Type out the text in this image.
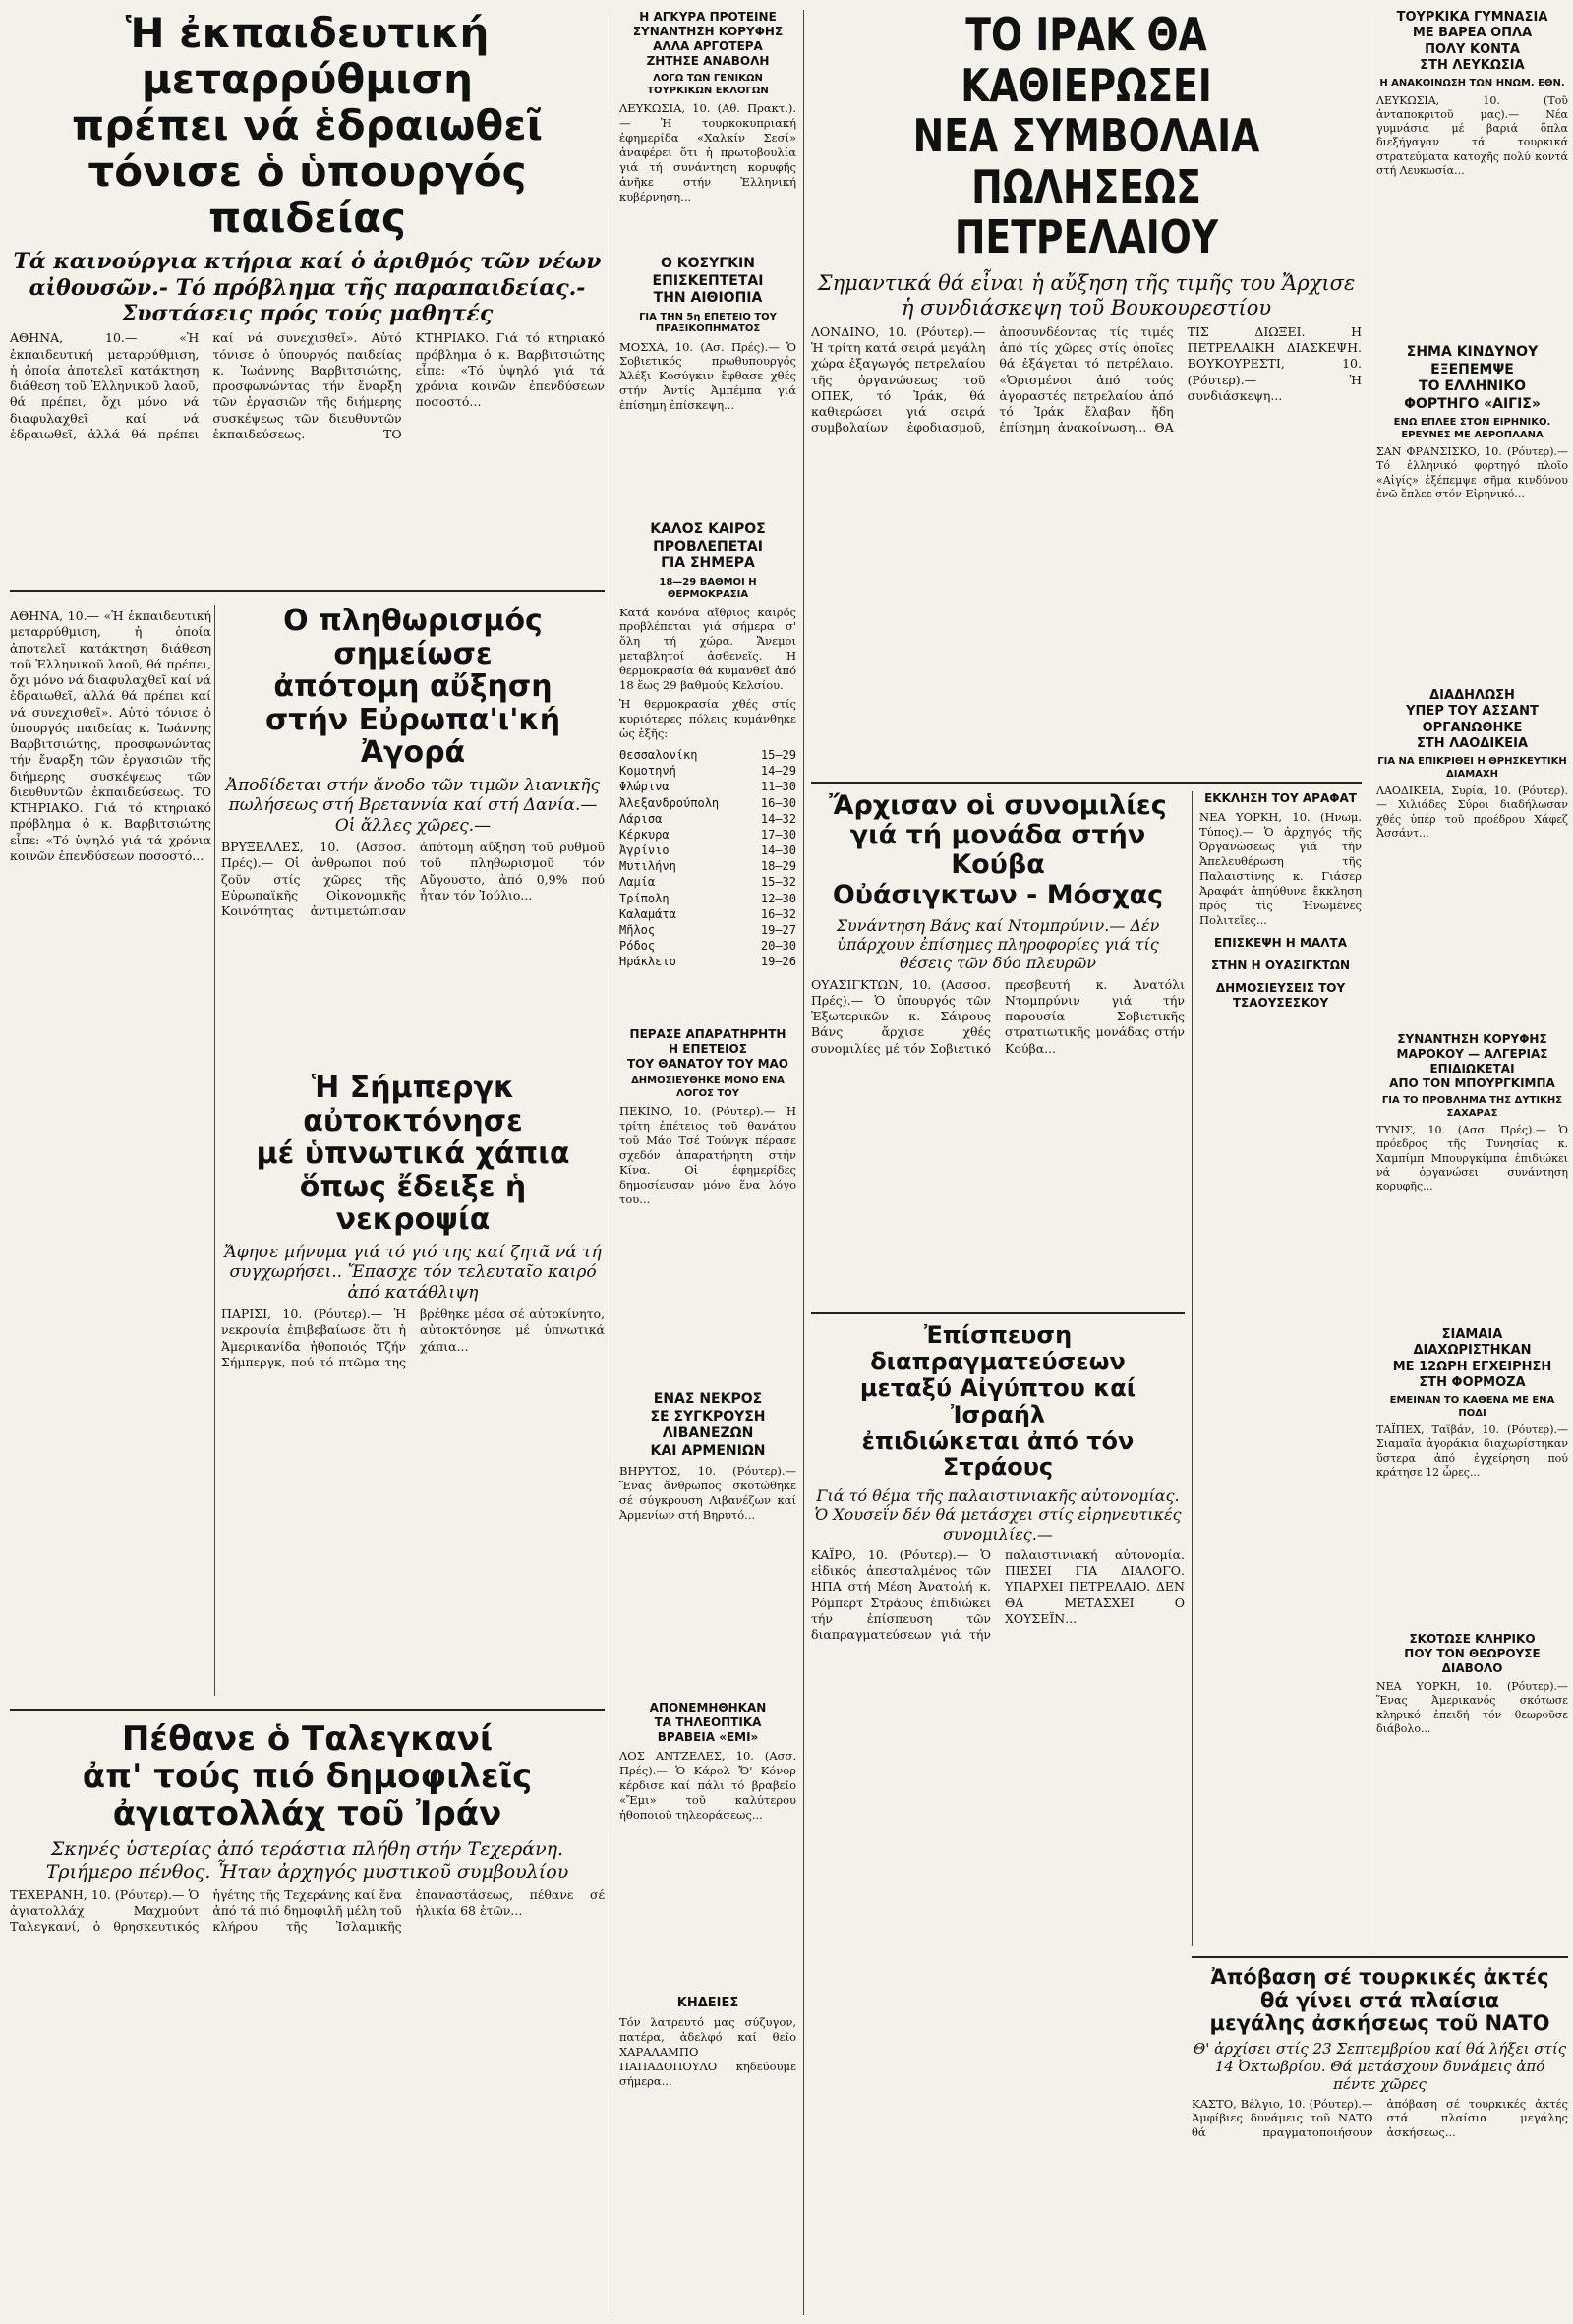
Ἡ ἐκπαιδευτική μεταρρύθμιση
πρέπει νά ἑδραιωθεῖ
τόνισε ὁ ὑπουργός παιδείας

Τά καινούργια κτήρια καί ὁ ἀριθμός τῶν νέων αἰθουσῶν.- Τό πρόβλημα τῆς παραπαιδείας.-Συστάσεις πρός τούς μαθητές

ΑΘΗΝΑ, 10.— «Ἡ ἐκπαιδευτική μεταρρύθμιση, ἡ ὁποία ἀποτελεῖ κατάκτηση διάθεση τοῦ Ἑλληνικοῦ λαοῦ, θά πρέπει, ὄχι μόνο νά διαφυλαχθεῖ καί νά ἑδραιωθεῖ, ἀλλά θά πρέπει καί νά συνεχισθεῖ». Αὐτό τόνισε ὁ ὑπουργός παιδείας κ. Ἰωάννης Βαρβιτσιώτης, προσφωνώντας τήν ἔναρξη τῶν ἐργασιῶν τῆς διήμερης συσκέψεως τῶν διευθυντῶν ἐκπαιδεύσεως. ΤΟ ΚΤΗΡΙΑΚΟ. Γιά τό κτηριακό πρόβλημα ὁ κ. Βαρβιτσιώτης εἶπε: «Τό ὑψηλό γιά τά χρόνια κοινῶν ἐπενδύσεων ποσοστό...

Ο πληθωρισμός σημείωσε
ἀπότομη αὔξηση
στήν Εὐρωπα'ι'κή Ἀγορά

Ἀποδίδεται στήν ἄνοδο τῶν τιμῶν λιανικῆς πωλήσεως στή Βρεταννία καί στή Δανία.— Οἱ ἄλλες χῶρες.—

ΒΡΥΞΕΛΛΕΣ, 10. (Ασσοσ. Πρές).— Οἱ ἀνθρωποι πού ζοῦν στίς χῶρες τῆς Εὐρωπαϊκῆς Οἰκονομικῆς Κοινότητας ἀντιμετώπισαν ἀπότομη αὔξηση τοῦ ρυθμοῦ τοῦ πληθωρισμοῦ τόν Αὔγουστο, ἀπό 0,9% πού ἦταν τόν Ἰούλιο...

ΑΘΗΝΑ, 10.— «Ἡ ἐκπαιδευτική μεταρρύθμιση, ἡ ὁποία ἀποτελεῖ κατάκτηση διάθεση τοῦ Ἑλληνικοῦ λαοῦ, θά πρέπει, ὄχι μόνο νά διαφυλαχθεῖ καί νά ἑδραιωθεῖ, ἀλλά θά πρέπει καί νά συνεχισθεῖ». Αὐτό τόνισε ὁ ὑπουργός παιδείας κ. Ἰωάννης Βαρβιτσιώτης, προσφωνώντας τήν ἔναρξη τῶν ἐργασιῶν τῆς διήμερης συσκέψεως τῶν διευθυντῶν ἐκπαιδεύσεως. ΤΟ ΚΤΗΡΙΑΚΟ. Γιά τό κτηριακό πρόβλημα ὁ κ. Βαρβιτσιώτης εἶπε: «Τό ὑψηλό γιά τά χρόνια κοινῶν ἐπενδύσεων ποσοστό...

Ἡ Σήμπεργκ αὐτοκτόνησε
μέ ὑπνωτικά χάπια
ὅπως ἔδειξε ἡ νεκροψία

Ἄφησε μήνυμα γιά τό γιό της καί ζητᾶ νά τή συγχωρήσει.. Ἔπασχε τόν τελευταῖο καιρό ἀπό κατάθλιψη

ΠΑΡΙΣΙ, 10. (Ρόυτερ).— Ἡ νεκροψία ἐπιβεβαίωσε ὅτι ἡ Ἀμερικανίδα ἠθοποιός Τζήν Σήμπεργκ, πού τό πτῶμα της βρέθηκε μέσα σέ αὐτοκίνητο, αὐτοκτόνησε μέ ὑπνωτικά χάπια...

Πέθανε ὁ Ταλεγκανί
ἀπ' τούς πιό δημοφιλεῖς
ἀγιατολλάχ τοῦ Ἰράν

Σκηνές ὑστερίας ἀπό τεράστια πλήθη στήν Τεχεράνη. Τριήμερο πένθος. Ἦταν ἀρχηγός μυστικοῦ συμβουλίου

ΤΕΧΕΡΑΝΗ, 10. (Ρόυτερ).— Ὁ ἀγιατολλάχ Μαχμούντ Ταλεγκανί, ὁ θρησκευτικός ἡγέτης τῆς Τεχεράνης καί ἕνα ἀπό τά πιό δημοφιλῆ μέλη τοῦ κλήρου τῆς Ἰσλαμικῆς ἐπαναστάσεως, πέθανε σέ ἡλικία 68 ἐτῶν...

Η ΑΓΚΥΡΑ ΠΡΟΤΕΙΝΕ

ΣΥΝΑΝΤΗΣΗ ΚΟΡΥΦΗΣ

ΑΛΛΑ ΑΡΓΟΤΕΡΑ

ΖΗΤΗΣΕ ΑΝΑΒΟΛΗ

ΛΟΓΩ ΤΩΝ ΓΕΝΙΚΩΝ ΤΟΥΡΚΙΚΩΝ ΕΚΛΟΓΩΝ

ΛΕΥΚΩΣΙΑ, 10. (Αθ. Πρακτ.).— Ἡ τουρκοκυπριακή ἐφημερίδα «Χαλκίν Σεσί» ἀναφέρει ὅτι ἡ πρωτοβουλία γιά τή συνάντηση κορυφῆς ἀνῆκε στήν Ἑλληνική κυβέρνηση...

Ο ΚΟΣΥΓΚΙΝ

ΕΠΙΣΚΕΠΤΕΤΑΙ

ΤΗΝ ΑΙΘΙΟΠΙΑ

ΓΙΑ ΤΗΝ 5η ΕΠΕΤΕΙΟ ΤΟΥ ΠΡΑΞΙΚΟΠΗΜΑΤΟΣ

ΜΟΣΧΑ, 10. (Ασ. Πρές).— Ὁ Σοβιετικός πρωθυπουργός Ἀλέξι Κοσύγκιν ἔφθασε χθές στήν Ἀντίς Ἀμπέμπα γιά ἐπίσημη ἐπίσκεψη...

ΚΑΛΟΣ ΚΑΙΡΟΣ

ΠΡΟΒΛΕΠΕΤΑΙ

ΓΙΑ ΣΗΜΕΡΑ

18—29 ΒΑΘΜΟΙ Η ΘΕΡΜΟΚΡΑΣΙΑ

Κατά κανόνα αἴθριος καιρός προβλέπεται γιά σήμερα σ' ὅλη τή χώρα. Ἄνεμοι μεταβλητοί ἀσθενεῖς. Ἡ θερμοκρασία θά κυμανθεῖ ἀπό 18 ἕως 29 βαθμούς Κελσίου.

Ἡ θερμοκρασία χθές στίς κυριότερες πόλεις κυμάνθηκε ὡς ἑξῆς:

Θεσσαλονίκη	15—29
Κομοτηνή	14—29
Φλώρινα	11—30
Ἀλεξανδρούπολη	16—30
Λάρισα	14—32
Κέρκυρα	17—30
Ἀγρίνιο	14—30
Μυτιλήνη	18—29
Λαμία	15—32
Τρίπολη	12—30
Καλαμάτα	16—32
Μῆλος	19—27
Ρόδος	20—30
Ἡράκλειο	19—26

ΠΕΡΑΣΕ ΑΠΑΡΑΤΗΡΗΤΗ

Η ΕΠΕΤΕΙΟΣ

ΤΟΥ ΘΑΝΑΤΟΥ ΤΟΥ ΜΑΟ

ΔΗΜΟΣΙΕΥΘΗΚΕ ΜΟΝΟ ΕΝΑ ΛΟΓΟΣ ΤΟΥ

ΠΕΚΙΝΟ, 10. (Ρόυτερ).— Ἡ τρίτη ἐπέτειος τοῦ θανάτου τοῦ Μάο Τσέ Τούνγκ πέρασε σχεδόν ἀπαρατήρητη στήν Κίνα. Οἱ ἐφημερίδες δημοσίευσαν μόνο ἕνα λόγο του...

ΕΝΑΣ ΝΕΚΡΟΣ

ΣΕ ΣΥΓΚΡΟΥΣΗ

ΛΙΒΑΝΕΖΩΝ

ΚΑΙ ΑΡΜΕΝΙΩΝ

ΒΗΡΥΤΟΣ, 10. (Ρόυτερ).— Ἕνας ἄνθρωπος σκοτώθηκε σέ σύγκρουση Λιβανέζων καί Ἀρμενίων στή Βηρυτό...

ΑΠΟΝΕΜΗΘΗΚΑΝ

ΤΑ ΤΗΛΕΟΠΤΙΚΑ

ΒΡΑΒΕΙΑ «ΕΜΙ»

ΛΟΣ ΑΝΤΖΕΛΕΣ, 10. (Ασσ. Πρές).— Ὁ Κάρολ Ὄ' Κόνορ κέρδισε καί πάλι τό βραβεῖο «Ἔμι» τοῦ καλύτερου ἠθοποιοῦ τηλεοράσεως...

ΚΗΔΕΙΕΣ

Τόν λατρευτό μας σύζυγον, πατέρα, ἀδελφό καί θεῖο ΧΑΡΑΛΑΜΠΟ ΠΑΠΑΔΟΠΟΥΛΟ κηδεύουμε σήμερα...

ΤΟ ΙΡΑΚ ΘΑ ΚΑΘΙΕΡΩΣΕΙ
ΝΕΑ ΣΥΜΒΟΛΑΙΑ
ΠΩΛΗΣΕΩΣ ΠΕΤΡΕΛΑΙΟΥ

Σημαντικά θά εἶναι ἡ αὔξηση τῆς τιμῆς του Ἄρχισε ἡ συνδιάσκεψη τοῦ Βουκουρεστίου

ΛΟΝΔΙΝΟ, 10. (Ρόυτερ).— Ἡ τρίτη κατά σειρά μεγάλη χώρα ἐξαγωγός πετρελαίου τῆς ὀργανώσεως τοῦ ΟΠΕΚ, τό Ἰράκ, θά καθιερώσει γιά σειρά συμβολαίων ἐφοδιασμοῦ, ἀποσυνδέοντας τίς τιμές ἀπό τίς χῶρες στίς ὁποῖες θά ἐξάγεται τό πετρέλαιο. «Ὁρισμένοι ἀπό τούς ἀγοραστές πετρελαίου ἀπό τό Ἰράκ ἔλαβαν ἤδη ἐπίσημη ἀνακοίνωση... ΘΑ ΤΙΣ ΔΙΩΞΕΙ. Η ΠΕΤΡΕΛΑΙΚΗ ΔΙΑΣΚΕΨΗ. ΒΟΥΚΟΥΡΕΣΤΙ, 10. (Ρόυτερ).— Ἡ συνδιάσκεψη...

Ἄρχισαν οἱ συνομιλίες
γιά τή μονάδα στήν Κούβα
Οὐάσιγκτων - Μόσχας

Συνάντηση Βάνς καί Ντομπρύνιν.— Δέν ὑπάρχουν ἐπίσημες πληροφορίες γιά τίς θέσεις τῶν δύο πλευρῶν

ΟΥΑΣΙΓΚΤΩΝ, 10. (Ασσοσ. Πρές).— Ὁ ὑπουργός τῶν Ἐξωτερικῶν κ. Σάιρους Βάνς ἄρχισε χθές συνομιλίες μέ τόν Σοβιετικό πρεσβευτή κ. Ἀνατόλι Ντομπρύνιν γιά τήν παρουσία Σοβιετικῆς στρατιωτικῆς μονάδας στήν Κούβα...

ΕΚΚΛΗΣΗ ΤΟΥ ΑΡΑΦΑΤ

ΝΕΑ ΥΟΡΚΗ, 10. (Ηνωμ. Τύπος).— Ὁ ἀρχηγός τῆς Ὀργανώσεως γιά τήν Ἀπελευθέρωση τῆς Παλαιστίνης κ. Γιάσερ Ἀραφάτ ἀπηύθυνε ἔκκληση πρός τίς Ἡνωμένες Πολιτεῖες...

ΕΠΙΣΚΕΨΗ Η ΜΑΛΤΑ

ΣΤΗΝ Η ΟΥΑΣΙΓΚΤΩΝ

ΔΗΜΟΣΙΕΥΣΕΙΣ ΤΟΥ ΤΣΑΟΥΣΕΣΚΟΥ

Ἐπίσπευση διαπραγματεύσεων
μεταξύ Αἰγύπτου καί Ἰσραήλ
ἐπιδιώκεται ἀπό τόν Στράους

Γιά τό θέμα τῆς παλαιστινιακῆς αὐτονομίας. Ὁ Χουσεΐν δέν θά μετάσχει στίς εἰρηνευτικές συνομιλίες.—

ΚΑΪΡΟ, 10. (Ρόυτερ).— Ὁ εἰδικός ἀπεσταλμένος τῶν ΗΠΑ στή Μέση Ἀνατολή κ. Ρόμπερτ Στράους ἐπιδιώκει τήν ἐπίσπευση τῶν διαπραγματεύσεων γιά τήν παλαιστινιακή αὐτονομία. ΠΙΕΣΕΙ ΓΙΑ ΔΙΑΛΟΓΟ. ΥΠΑΡΧΕΙ ΠΕΤΡΕΛΑΙΟ. ΔΕΝ ΘΑ ΜΕΤΑΣΧΕΙ Ο ΧΟΥΣΕΪΝ...

ΤΟΥΡΚΙΚΑ ΓΥΜΝΑΣΙΑ

ΜΕ ΒΑΡΕΑ ΟΠΛΑ

ΠΟΛΥ ΚΟΝΤΑ

ΣΤΗ ΛΕΥΚΩΣΙΑ

Η ΑΝΑΚΟΙΝΩΣΗ ΤΩΝ ΗΝΩΜ. ΕΘΝ.

ΛΕΥΚΩΣΙΑ, 10. (Τοῦ ἀνταποκριτοῦ μας).— Νέα γυμνάσια μέ βαριά ὅπλα διεξήγαγαν τά τουρκικά στρατεύματα κατοχῆς πολύ κοντά στή Λευκωσία...

ΣΗΜΑ ΚΙΝΔΥΝΟΥ

ΕΞΕΠΕΜΨΕ

ΤΟ ΕΛΛΗΝΙΚΟ

ΦΟΡΤΗΓΟ «ΑΙΓΙΣ»

ΕΝΩ ΕΠΛΕΕ ΣΤΟΝ ΕΙΡΗΝΙΚΟ. ΕΡΕΥΝΕΣ ΜΕ ΑΕΡΟΠΛΑΝΑ

ΣΑΝ ΦΡΑΝΣΙΣΚΟ, 10. (Ρόυτερ).— Τό ἑλληνικό φορτηγό πλοῖο «Αἰγίς» ἐξέπεμψε σῆμα κινδύνου ἐνῶ ἔπλεε στόν Εἰρηνικό...

ΔΙΑΔΗΛΩΣΗ

ΥΠΕΡ ΤΟΥ ΑΣΣΑΝΤ

ΟΡΓΑΝΩΘΗΚΕ

ΣΤΗ ΛΑΟΔΙΚΕΙΑ

ΓΙΑ ΝΑ ΕΠΙΚΡΙΘΕΙ Η ΘΡΗΣΚΕΥΤΙΚΗ ΔΙΑΜΑΧΗ

ΛΑΟΔΙΚΕΙΑ, Συρία, 10. (Ρόυτερ).— Χιλιάδες Σύροι διαδήλωσαν χθές ὑπέρ τοῦ προέδρου Χάφεζ Ἀσσάντ...

ΣΥΝΑΝΤΗΣΗ ΚΟΡΥΦΗΣ

ΜΑΡΟΚΟΥ — ΑΛΓΕΡΙΑΣ

ΕΠΙΔΙΩΚΕΤΑΙ

ΑΠΟ ΤΟΝ ΜΠΟΥΡΓΚΙΜΠΑ

ΓΙΑ ΤΟ ΠΡΟΒΛΗΜΑ ΤΗΣ ΔΥΤΙΚΗΣ ΣΑΧΑΡΑΣ

ΤΥΝΙΣ, 10. (Ασσ. Πρές).— Ὁ πρόεδρος τῆς Τυνησίας κ. Χαμπίμπ Μπουργκίμπα ἐπιδιώκει νά ὀργανώσει συνάντηση κορυφῆς...

ΣΙΑΜΑΙΑ

ΔΙΑΧΩΡΙΣΤΗΚΑΝ

ΜΕ 12ΩΡΗ ΕΓΧΕΙΡΗΣΗ

ΣΤΗ ΦΟΡΜΟΖΑ

ΕΜΕΙΝΑΝ ΤΟ ΚΑΘΕΝΑ ΜΕ ΕΝΑ ΠΟΔΙ

ΤΑΪΠΕΧ, Ταϊβάν, 10. (Ρόυτερ).— Σιαμαῖα ἀγοράκια διαχωρίστηκαν ὕστερα ἀπό ἐγχείρηση πού κράτησε 12 ὧρες...

ΣΚΟΤΩΣΕ ΚΛΗΡΙΚΟ

ΠΟΥ ΤΟΝ ΘΕΩΡΟΥΣΕ

ΔΙΑΒΟΛΟ

ΝΕΑ ΥΟΡΚΗ, 10. (Ρόυτερ).— Ἕνας Ἀμερικανός σκότωσε κληρικό ἐπειδή τόν θεωροῦσε διάβολο...

Ἀπόβαση σέ τουρκικές ἀκτές
θά γίνει στά πλαίσια
μεγάλης ἀσκήσεως τοῦ ΝΑΤΟ

Θ' ἀρχίσει στίς 23 Σεπτεμβρίου καί θά λήξει στίς 14 Ὀκτωβρίου. Θά μετάσχουν δυνάμεις ἀπό πέντε χῶρες

ΚΑΣΤΟ, Βέλγιο, 10. (Ρόυτερ).— Ἀμφίβιες δυνάμεις τοῦ ΝΑΤΟ θά πραγματοποιήσουν ἀπόβαση σέ τουρκικές ἀκτές στά πλαίσια μεγάλης ἀσκήσεως...
